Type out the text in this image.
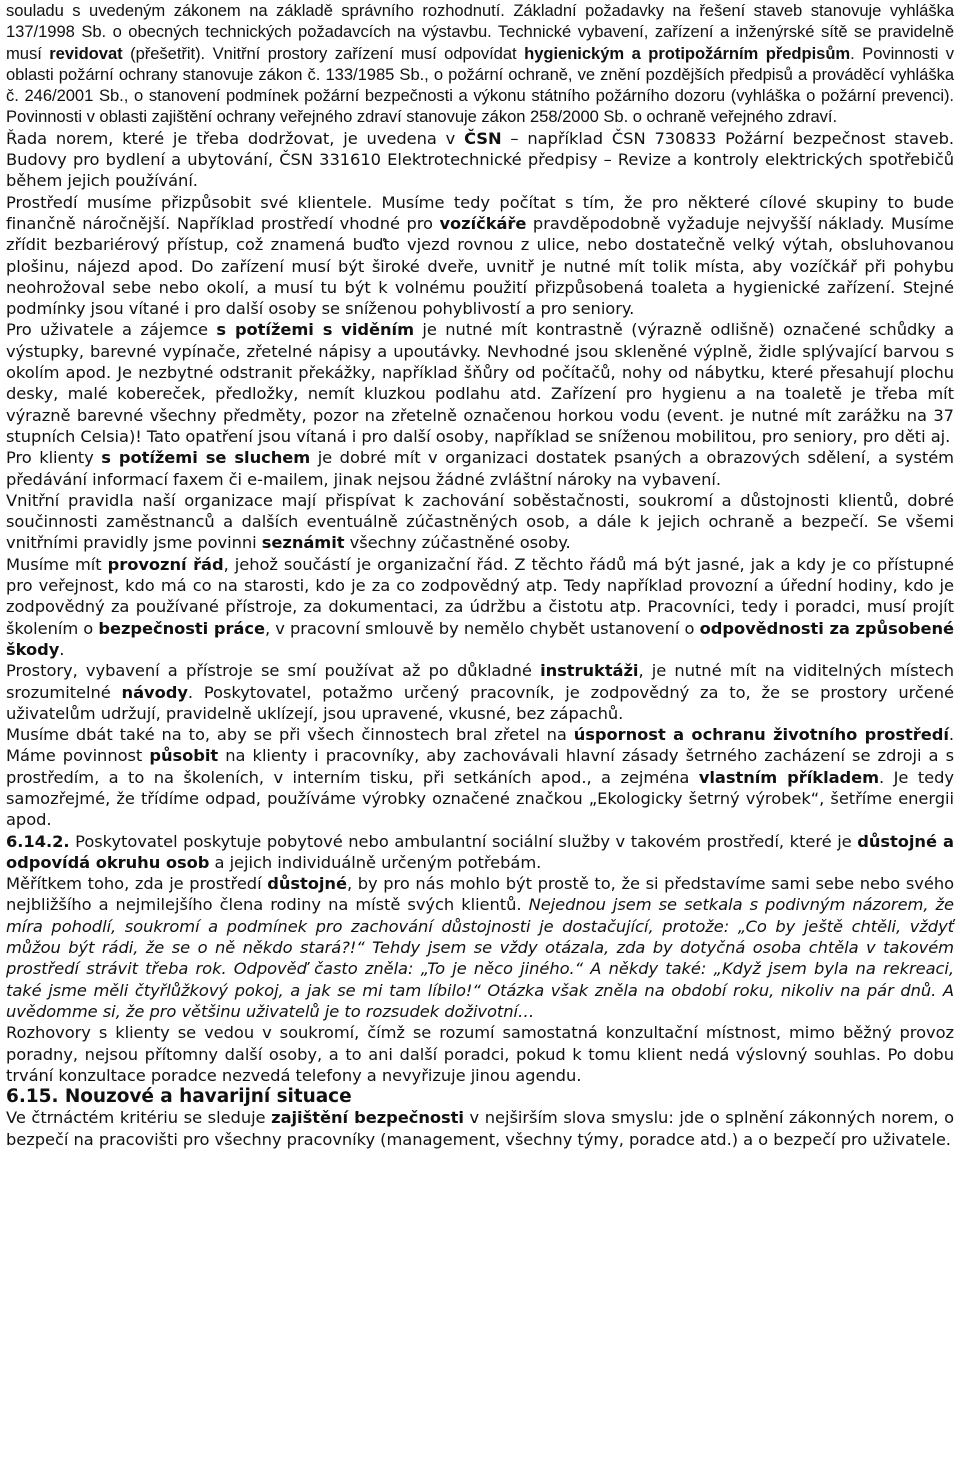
souladu s uvedeným zákonem na základě správního rozhodnutí. Základní požadavky na řešení staveb stanovuje vyhláška 137/1998 Sb. o obecných technických požadavcích na výstavbu. Technické vybavení, zařízení a inženýrské sítě se pravidelně musí revidovat (přešetřit). Vnitřní prostory zařízení musí odpovídat hygienickým a protipožárním předpisům. Povinnosti v oblasti požární ochrany stanovuje zákon č. 133/1985 Sb., o požární ochraně, ve znění pozdějších předpisů a prováděcí vyhláška č. 246/2001 Sb., o stanovení podmínek požární bezpečnosti a výkonu státního požárního dozoru (vyhláška o požární prevenci). Povinnosti v oblasti zajištění ochrany veřejného zdraví stanovuje zákon 258/2000 Sb. o ochraně veřejného zdraví.

Řada norem, které je třeba dodržovat, je uvedena v ČSN – například ČSN 730833 Požární bezpečnost staveb. Budovy pro bydlení a ubytování, ČSN 331610 Elektrotechnické předpisy – Revize a kontroly elektrických spotřebičů během jejich používání.

Prostředí musíme přizpůsobit své klientele. Musíme tedy počítat s tím, že pro některé cílové skupiny to bude finančně náročnější. Například prostředí vhodné pro vozíčkáře pravděpodobně vyžaduje nejvyšší náklady. Musíme zřídit bezbariérový přístup, což znamená buďto vjezd rovnou z ulice, nebo dostatečně velký výtah, obsluhovanou plošinu, nájezd apod. Do zařízení musí být široké dveře, uvnitř je nutné mít tolik místa, aby vozíčkář při pohybu neohrožoval sebe nebo okolí, a musí tu být k volnému použití přizpůsobená toaleta a hygienické zařízení. Stejné podmínky jsou vítané i pro další osoby se sníženou pohyblivostí a pro seniory.

Pro uživatele a zájemce s potížemi s viděním je nutné mít kontrastně (výrazně odlišně) označené schůdky a výstupky, barevné vypínače, zřetelné nápisy a upoutávky. Nevhodné jsou skleněné výplně, židle splývající barvou s okolím apod. Je nezbytné odstranit překážky, například šňůry od počítačů, nohy od nábytku, které přesahují plochu desky, malé kobereček, předložky, nemít kluzkou podlahu atd. Zařízení pro hygienu a na toaletě je třeba mít výrazně barevné všechny předměty, pozor na zřetelně označenou horkou vodu (event. je nutné mít zarážku na 37 stupních Celsia)! Tato opatření jsou vítaná i pro další osoby, například se sníženou mobilitou, pro seniory, pro děti aj.

Pro klienty s potížemi se sluchem je dobré mít v organizaci dostatek psaných a obrazových sdělení, a systém předávání informací faxem či e-mailem, jinak nejsou žádné zvláštní nároky na vybavení.

Vnitřní pravidla naší organizace mají přispívat k zachování soběstačnosti, soukromí a důstojnosti klientů, dobré součinnosti zaměstnanců a dalších eventuálně zúčastněných osob, a dále k jejich ochraně a bezpečí. Se všemi vnitřními pravidly jsme povinni seznámit všechny zúčastněné osoby.

Musíme mít provozní řád, jehož součástí je organizační řád. Z těchto řádů má být jasné, jak a kdy je co přístupné pro veřejnost, kdo má co na starosti, kdo je za co zodpovědný atp. Tedy například provozní a úřední hodiny, kdo je zodpovědný za používané přístroje, za dokumentaci, za údržbu a čistotu atp. Pracovníci, tedy i poradci, musí projít školením o bezpečnosti práce, v pracovní smlouvě by nemělo chybět ustanovení o odpovědnosti za způsobené škody.

Prostory, vybavení a přístroje se smí používat až po důkladné instruktáži, je nutné mít na viditelných místech srozumitelné návody. Poskytovatel, potažmo určený pracovník, je zodpovědný za to, že se prostory určené uživatelům udržují, pravidelně uklízejí, jsou upravené, vkusné, bez zápachů.

Musíme dbát také na to, aby se při všech činnostech bral zřetel na úspornost a ochranu životního prostředí. Máme povinnost působit na klienty i pracovníky, aby zachovávali hlavní zásady šetrného zacházení se zdroji a s prostředím, a to na školeních, v interním tisku, při setkáních apod., a zejména vlastním příkladem. Je tedy samozřejmé, že třídíme odpad, používáme výrobky označené značkou „Ekologicky šetrný výrobek“, šetříme energii apod.

6.14.2. Poskytovatel poskytuje pobytové nebo ambulantní sociální služby v takovém prostředí, které je důstojné a odpovídá okruhu osob a jejich individuálně určeným potřebám.

Měřítkem toho, zda je prostředí důstojné, by pro nás mohlo být prostě to, že si představíme sami sebe nebo svého nejbližšího a nejmilejšího člena rodiny na místě svých klientů. Nejednou jsem se setkala s podivným názorem, že míra pohodlí, soukromí a podmínek pro zachování důstojnosti je dostačující, protože: „Co by ještě chtěli, vždyť můžou být rádi, že se o ně někdo stará?!“ Tehdy jsem se vždy otázala, zda by dotyčná osoba chtěla v takovém prostředí strávit třeba rok. Odpověď často zněla: „To je něco jiného.“ A někdy také: „Když jsem byla na rekreaci, také jsme měli čtyřlůžkový pokoj, a jak se mi tam líbilo!“ Otázka však zněla na období roku, nikoliv na pár dnů. A uvědomme si, že pro většinu uživatelů je to rozsudek doživotní…

Rozhovory s klienty se vedou v soukromí, čímž se rozumí samostatná konzultační místnost, mimo běžný provoz poradny, nejsou přítomny další osoby, a to ani další poradci, pokud k tomu klient nedá výslovný souhlas. Po dobu trvání konzultace poradce nezvedá telefony a nevyřizuje jinou agendu.

6.15. Nouzové a havarijní situace

Ve čtrnáctém kritériu se sleduje zajištění bezpečnosti v nejširším slova smyslu: jde o splnění zákonných norem, o bezpečí na pracovišti pro všechny pracovníky (management, všechny týmy, poradce atd.) a o bezpečí pro uživatele.
